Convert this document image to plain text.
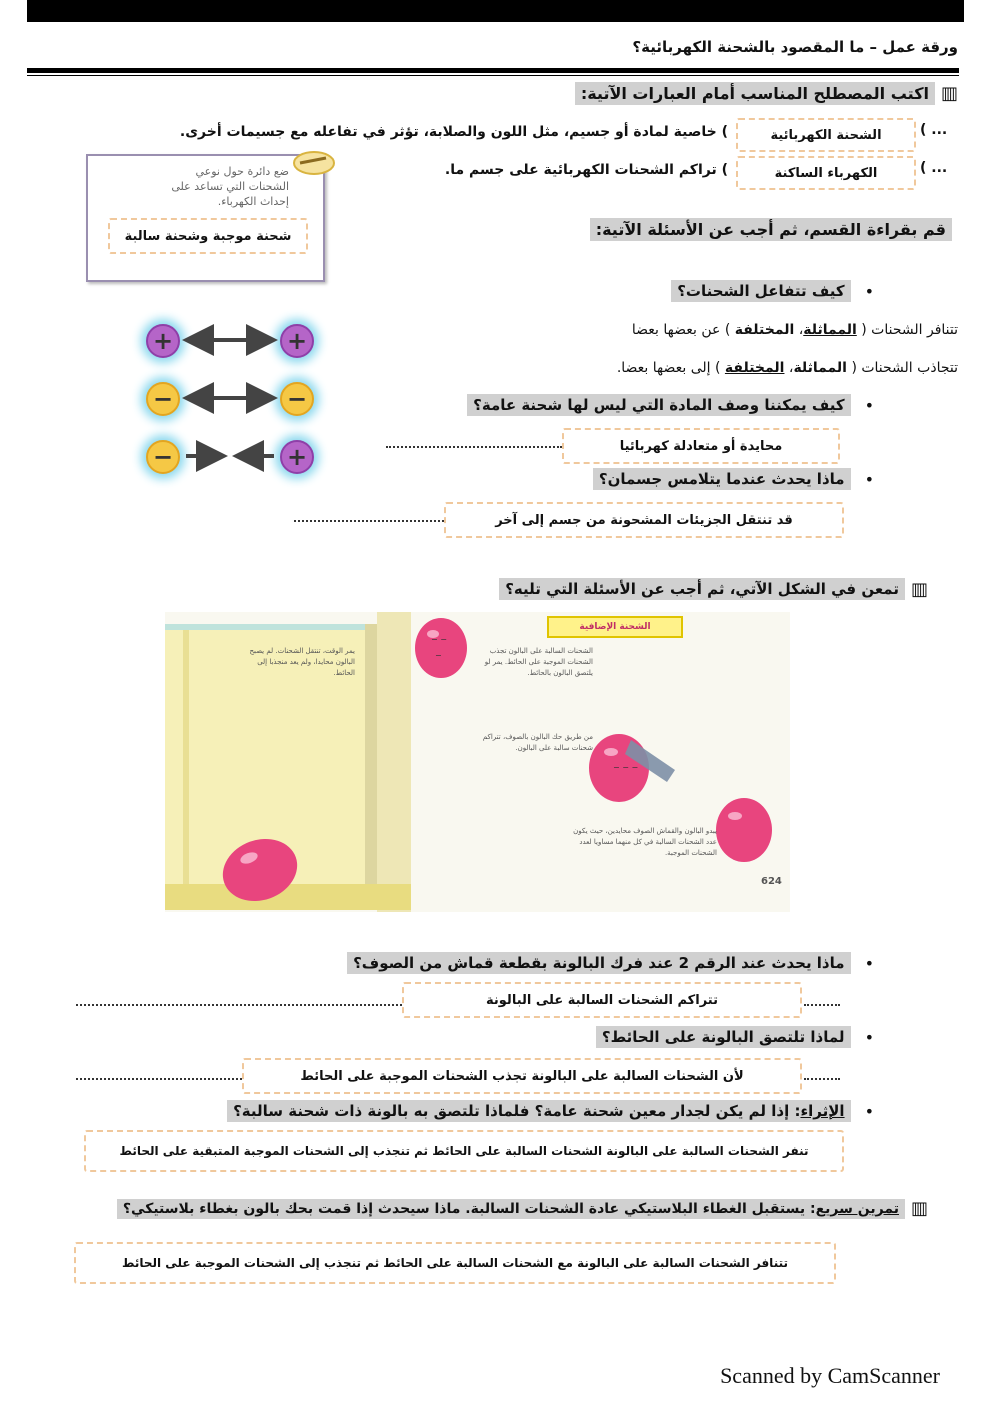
ورقة عمل – ما المقصود بالشحنة الكهربائية؟
▥
اكتب المصطلح المناسب أمام العبارات الآتية:
( ...
الشحنة الكهربائية
) خاصية لمادة أو جسيم، مثل اللون والصلابة، تؤثر في تفاعله مع جسيمات أخرى.
( ...
الكهرباء الساكنة
) تراكم الشحنات الكهربائية على جسم ما.
ضع دائرة حول نوعي
الشحنات التي تساعد على
إحداث الكهرباء.
شحنة موجبة وشحنة سالبة	قم بقراءة القسم، ثم أجب عن الأسئلة الآتية:
•
كيف تتفاعل الشحنات؟
تتنافر الشحنات ( المماثلة، المختلفة ) عن بعضها بعضا
تتجاذب الشحنات ( المماثلة، المختلفة ) إلى بعضها بعضا.
+	+
−	−
−	+
•
كيف يمكننا وصف المادة التي ليس لها شحنة عامة؟
محايدة أو متعادلة كهربائيا
•
ماذا يحدث عندما يتلامس جسمان؟
قد تنتقل الجزيئات المشحونة من جسم إلى آخر
▥
تمعن في الشكل الآتي، ثم أجب عن الأسئلة التي تليه؟
يمر الوقت، تنتقل الشحنات. لم يصبح البالون محايدا، ولم يعد منجذبا إلى الحائط.
الشحنة الإضافية
− −
−	الشحنات السالبة على البالون تجذب الشحنات الموجبة على الحائط. يمر لو يلتصق البالون بالحائط.
من طريق حك البالون بالصوف، تتراكم شحنات سالبة على البالون.
− − −
يبدو البالون والقماش الصوف محايدين، حيث يكون عدد الشحنات السالبة في كل منهما مساويا لعدد الشحنات الموجبة.
624
•
ماذا يحدث عند الرقم 2 عند فرك البالونة بقطعة قماش من الصوف؟
تتراكم الشحنات السالبة على البالونة
•
لماذا تلتصق البالونة على الحائط؟
لأن الشحنات السالبة على البالونة تجذب الشحنات الموجبة على الحائط
•
الإثراء: إذا لم يكن لجدار معين شحنة عامة؟ فلماذا تلتصق به بالونة ذات شحنة سالبة؟
تنفر الشحنات السالبة على البالونة الشحنات السالبة على الحائط ثم تنجذب إلى الشحنات الموجبة المتبقية على الحائط
▥
تمرين سريع: يستقبل الغطاء البلاستيكي عادة الشحنات السالبة. ماذا سيحدث إذا قمت بحك بالون بغطاء بلاستيكي؟
تتنافر الشحنات السالبة على البالونة مع الشحنات السالبة على الحائط ثم تنجذب إلى الشحنات الموجبة على الحائط
Scanned by CamScanner
